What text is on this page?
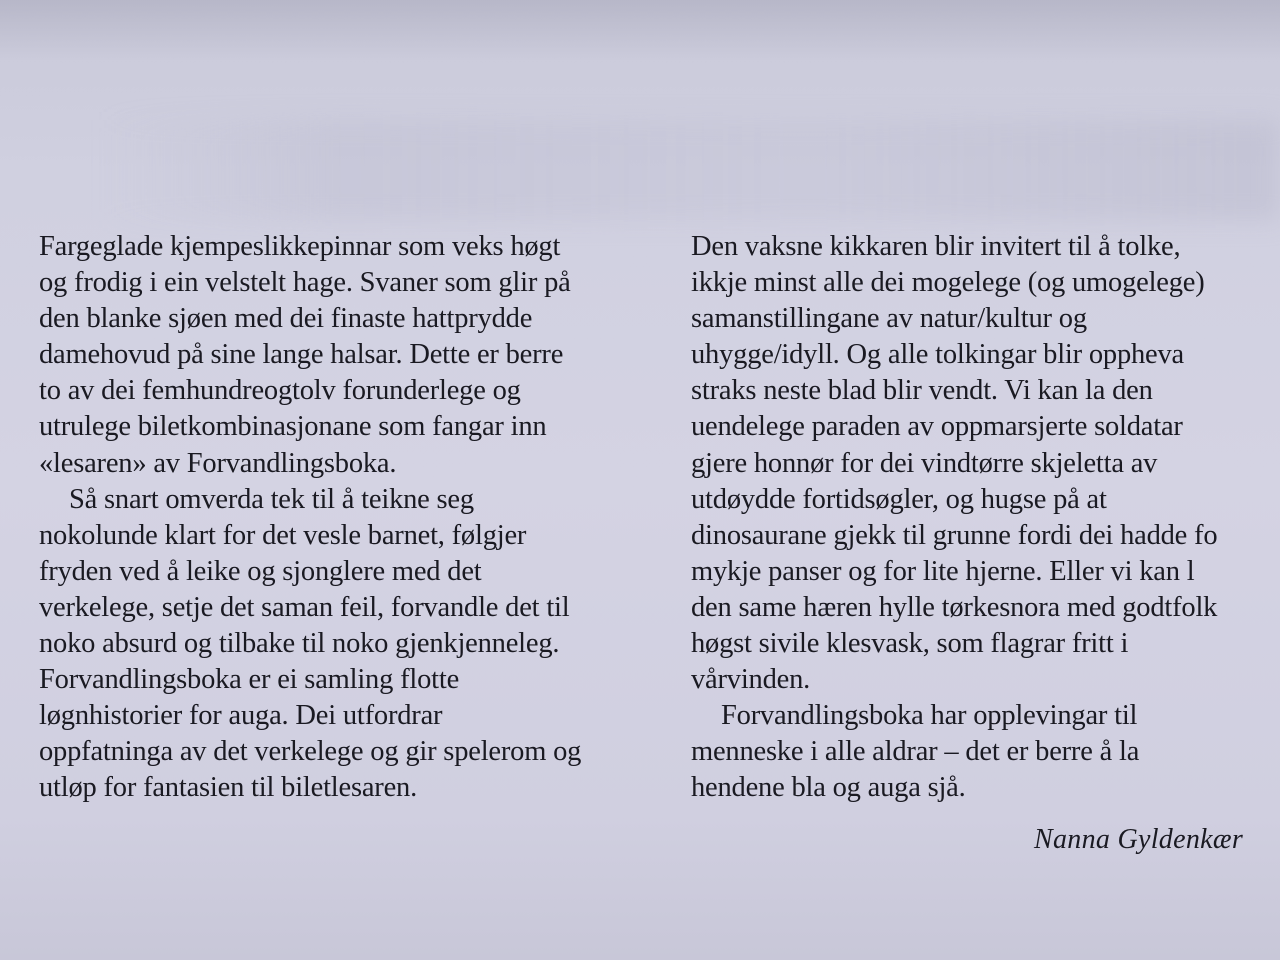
Fargeglade kjempeslikkepinnar som veks høgt
og frodig i ein velstelt hage. Svaner som glir på
den blanke sjøen med dei finaste hattprydde
damehovud på sine lange halsar. Dette er berre
to av dei femhundreogtolv forunderlege og
utrulege biletkombinasjonane som fangar inn
«lesaren» av Forvandlingsboka.
Så snart omverda tek til å teikne seg
nokolunde klart for det vesle barnet, følgjer
fryden ved å leike og sjonglere med det
verkelege, setje det saman feil, forvandle det til
noko absurd og tilbake til noko gjenkjenneleg.
Forvandlingsboka er ei samling flotte
løgnhistorier for auga. Dei utfordrar
oppfatninga av det verkelege og gir spelerom og
utløp for fantasien til biletlesaren.
Den vaksne kikkaren blir invitert til å tolke,
ikkje minst alle dei mogelege (og umogelege)
samanstillingane av natur/kultur og
uhygge/idyll. Og alle tolkingar blir oppheva
straks neste blad blir vendt. Vi kan la den
uendelege paraden av oppmarsjerte soldatar
gjere honnør for dei vindtørre skjeletta av
utdøydde fortidsøgler, og hugse på at
dinosaurane gjekk til grunne fordi dei hadde fo
mykje panser og for lite hjerne. Eller vi kan l
den same hæren hylle tørkesnora med godtfolk
høgst sivile klesvask, som flagrar fritt i
vårvinden.
Forvandlingsboka har opplevingar til
menneske i alle aldrar – det er berre å la
hendene bla og auga sjå.
Nanna Gyldenkær
